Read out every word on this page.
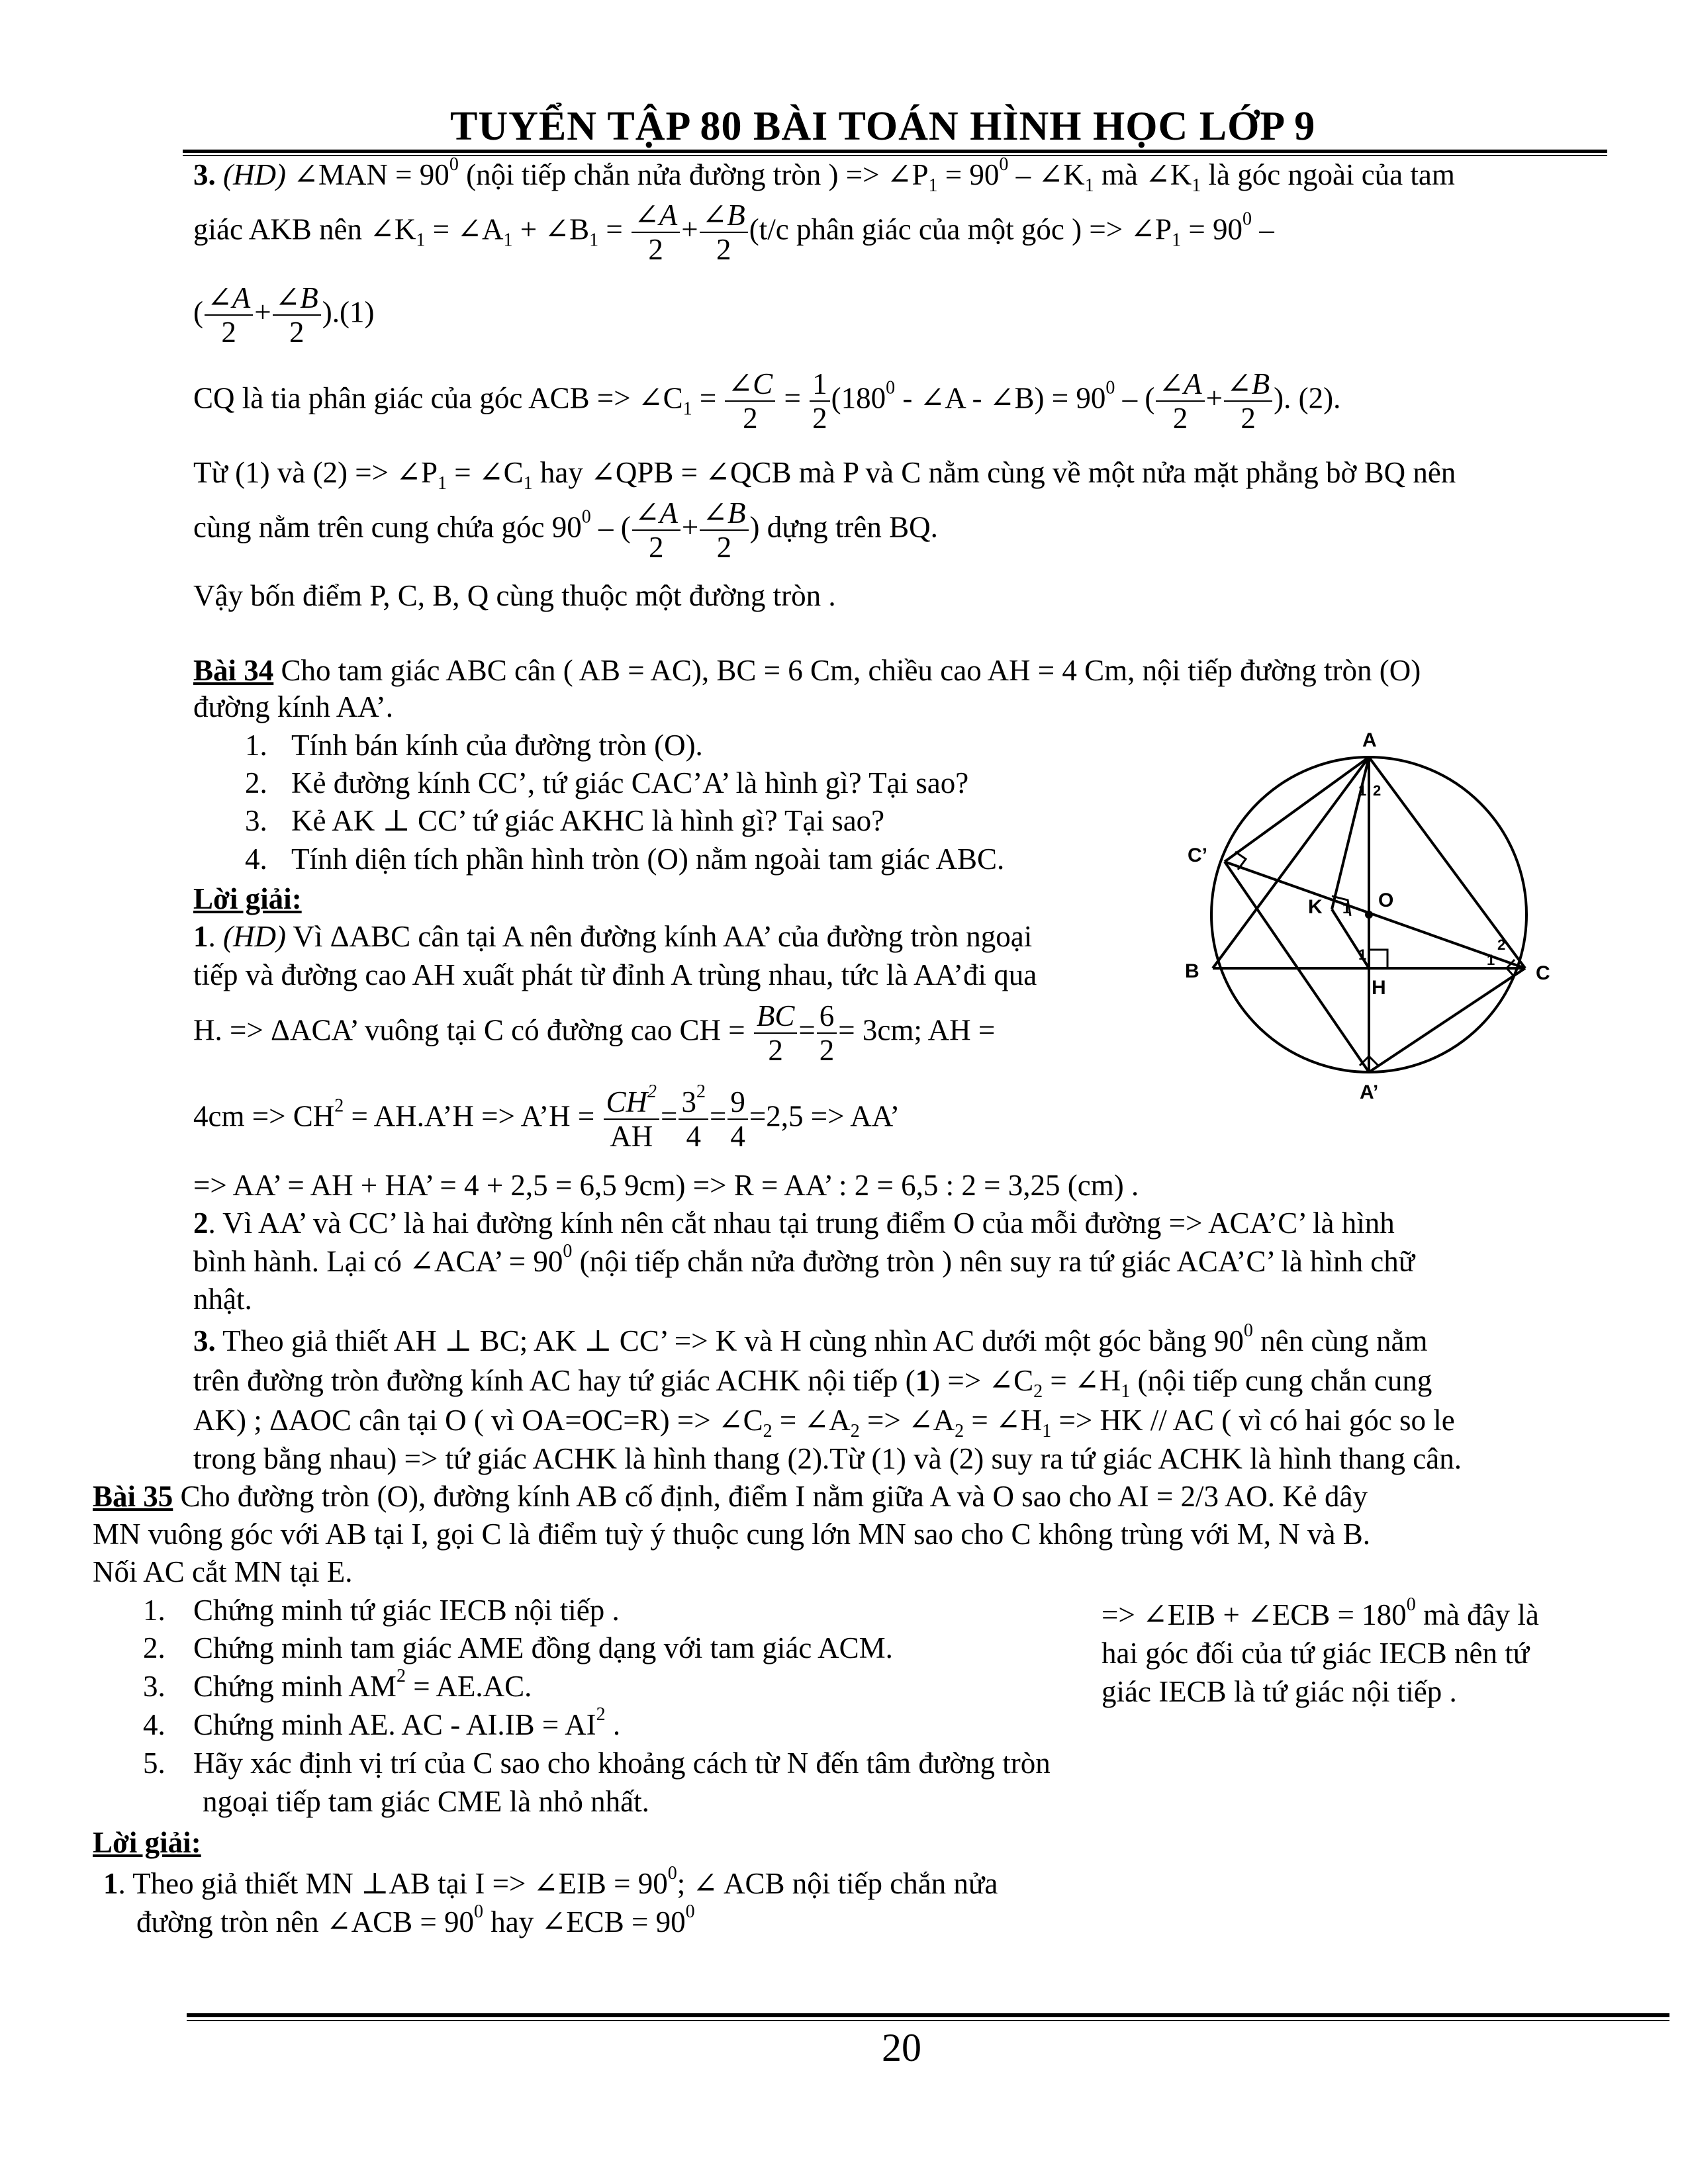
TUYỂN TẬP 80 BÀI TOÁN HÌNH HỌC LỚP 9
3. (HD) ∠MAN = $90^0$ (nội tiếp chắn nửa đường tròn ) => $\angle P_1 = 90^0$ – $\angle K_1$ mà $\angle K_1$ là góc ngoài của tam
giác AKB nên $\angle K_1$ = $\angle A_1$ + $\angle B_1 = \frac{\angle A}{2} + \frac{\angle B}{2} (t/c$ phân giác của một góc ) => $\angle P_1 = 90^0$ –
( $\frac{\angle A}{2} + \frac{\angle B}{2} ).(1)$
CQ là tia phân giác của góc ACB => $\angle C_1 = \frac{\angle C}{2} = \frac{1}{2} (180^0$ - ∠A - ∠B) = $90^0$ – ( $\frac{\angle A}{2} + \frac{\angle B}{2}$ ). (2).
Từ (1) và $(2) => \angle P_1$ = $\angle C_1$ hay ∠QPB = ∠QCB mà P và C nằm cùng về một nửa mặt phẳng bờ BQ nên
cùng nằm trên cung chứa góc $90^0$ – ( $\frac{\angle A}{2} + \frac{\angle B}{2}$ ) dựng trên BQ.
Vậy bốn điểm P, C, B, Q cùng thuộc một đường tròn .
Bài 34 Cho tam giác ABC cân ( AB = AC), BC = 6 Cm, chiều cao AH = 4 Cm, nội tiếp đường tròn (O)
đường kính AA’.
1. Tính bán kính của đường tròn (O).
2. Kẻ đường kính CC’, tứ giác CAC’A’ là hình gì? Tại sao?
3. Kẻ AK ⊥ CC’ tứ giác AKHC là hình gì? Tại sao?
4. Tính diện tích phần hình tròn (O) nằm ngoài tam giác ABC.
Lời giải:
1. (HD) Vì ΔABC cân tại A nên đường kính AA’ của đường tròn ngoại
tiếp và đường cao AH xuất phát từ đỉnh A trùng nhau, tức là AA’đi qua
H. => ΔACA’ vuông tại C có đường cao CH = $\frac{BC}{2} = \frac{6}{2} = 3cm$; AH =
$4cm => CH^2$ = AH.A’H => A’H = $\frac{CH^2}{AH} = \frac{3^2}{4} = \frac{9}{4} =2,5$ => AA’
=> AA’ = AH + HA’ = 4 + 2,5 = 6,5 9cm) => R = AA’ : 2 = 6,5 : 2 = 3,25 (cm) .
2. Vì AA’ và CC’ là hai đường kính nên cắt nhau tại trung điểm O của mỗi đường => ACA’C’ là hình
bình hành. Lại có ∠ACA’ = $90^0$ (nội tiếp chắn nửa đường tròn ) nên suy ra tứ giác ACA’C’ là hình chữ
nhật.
3. Theo giả thiết AH ⊥ BC; AK ⊥ CC’ => K và H cùng nhìn AC dưới một góc bằng $90^0$ nên cùng nằm
trên đường tròn đường kính AC hay tứ giác ACHK nội tiếp $(1) => \angle C_2$ = $\angle H_1$ (nội tiếp cung chắn cung
AK) ; ΔAOC cân tại O ( vì $OA=OC=R) => \angle C_2$ = $\angle A_2$ => $\angle A_2$ = $\angle H_1$ => HK // AC ( vì có hai góc so le
trong bằng nhau) => tứ giác ACHK là hình thang (2).Từ (1) và (2) suy ra tứ giác ACHK là hình thang cân.
A
B	C
C’
A’
K	O
H
1 2
1
1	1
2
Bài 35 Cho đường tròn (O), đường kính AB cố định, điểm I nằm giữa A và O sao cho AI = 2/3 AO. Kẻ dây
MN vuông góc với AB tại I, gọi C là điểm tuỳ ý thuộc cung lớn MN sao cho C không trùng với M, N và B.
Nối AC cắt MN tại E.
1. Chứng minh tứ giác IECB nội tiếp .
2. Chứng minh tam giác AME đồng dạng với tam giác ACM.
3. Chứng minh $AM^2 = AE.AC$.
4. Chứng minh AE. AC - $AI.IB = AI^2$ .
5. Hãy xác định vị trí của C sao cho khoảng cách từ N đến tâm đường tròn
ngoại tiếp tam giác CME là nhỏ nhất.
=> ∠EIB + ∠ECB = $180^0$ mà đây là
hai góc đối của tứ giác IECB nên tứ
giác IECB là tứ giác nội tiếp .
Lời giải:
1. Theo giả thiết MN ⊥AB tại I => ∠EIB = $90^0$; ∠ ACB nội tiếp chắn nửa
đường tròn nên ∠ACB = $90^0$ hay ∠ECB = $90^0$
20
